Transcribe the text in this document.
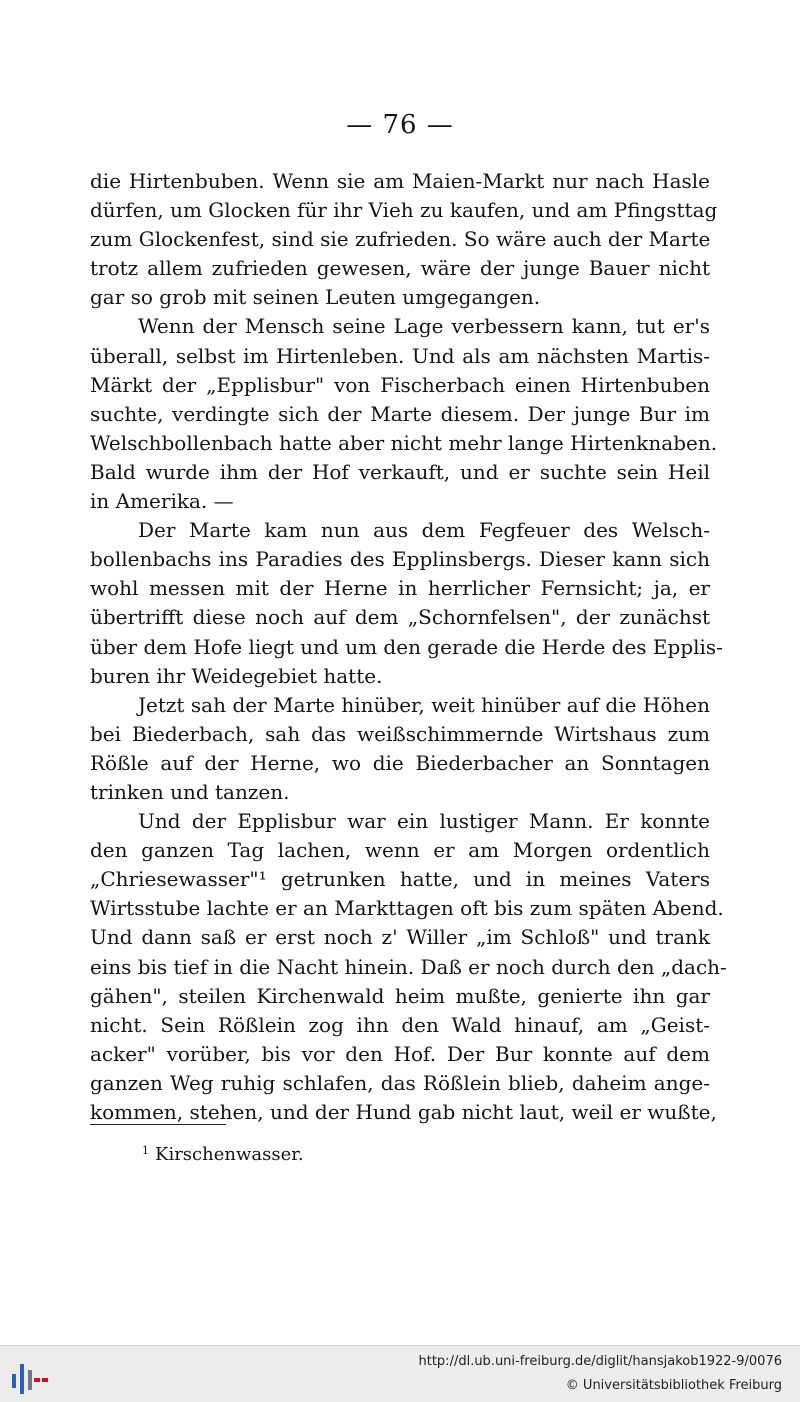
— 76 —
die Hirtenbuben. Wenn sie am Maien-Markt nur nach Hasle
dürfen, um Glocken für ihr Vieh zu kaufen, und am Pfingsttag
zum Glockenfest, sind sie zufrieden. So wäre auch der Marte
trotz allem zufrieden gewesen, wäre der junge Bauer nicht
gar so grob mit seinen Leuten umgegangen.
Wenn der Mensch seine Lage verbessern kann, tut er's
überall, selbst im Hirtenleben. Und als am nächsten Martis-
Märkt der „Epplisbur" von Fischerbach einen Hirtenbuben
suchte, verdingte sich der Marte diesem. Der junge Bur im
Welschbollenbach hatte aber nicht mehr lange Hirtenknaben.
Bald wurde ihm der Hof verkauft, und er suchte sein Heil
in Amerika. —
Der Marte kam nun aus dem Fegfeuer des Welsch-
bollenbachs ins Paradies des Epplinsbergs. Dieser kann sich
wohl messen mit der Herne in herrlicher Fernsicht; ja, er
übertrifft diese noch auf dem „Schornfelsen", der zunächst
über dem Hofe liegt und um den gerade die Herde des Epplis-
buren ihr Weidegebiet hatte.
Jetzt sah der Marte hinüber, weit hinüber auf die Höhen
bei Biederbach, sah das weißschimmernde Wirtshaus zum
Rößle auf der Herne, wo die Biederbacher an Sonntagen
trinken und tanzen.
Und der Epplisbur war ein lustiger Mann. Er konnte
den ganzen Tag lachen, wenn er am Morgen ordentlich
„Chriesewasser"¹ getrunken hatte, und in meines Vaters
Wirtsstube lachte er an Markttagen oft bis zum späten Abend.
Und dann saß er erst noch z' Willer „im Schloß" und trank
eins bis tief in die Nacht hinein. Daß er noch durch den „dach-
gähen", steilen Kirchenwald heim mußte, genierte ihn gar
nicht. Sein Rößlein zog ihn den Wald hinauf, am „Geist-
acker" vorüber, bis vor den Hof. Der Bur konnte auf dem
ganzen Weg ruhig schlafen, das Rößlein blieb, daheim ange-
kommen, stehen, und der Hund gab nicht laut, weil er wußte,
$^1$ Kirschenwasser.
http://dl.ub.uni-freiburg.de/diglit/hansjakob1922-9/0076
© Universitätsbibliothek Freiburg
